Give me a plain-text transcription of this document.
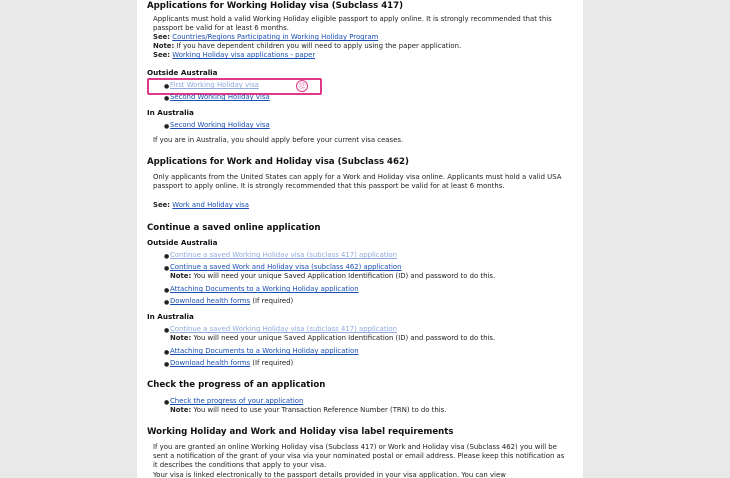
Applications for Working Holiday visa (Subclass 417)

Applicants must hold a valid Working Holiday eligible passport to apply online. It is strongly recommended that this passport be valid for at least 6 months.

See: Countries/Regions Participating in Working Holiday Program
Note: If you have dependent children you will need to apply using the paper application.
See: Working Holiday visa applications - paper
Outside Australia
⑫
● First Working Holiday visa
● Second Working Holiday visa
In Australia
● Second Working Holiday visa
If you are in Australia, you should apply before your current visa ceases.
Applications for Work and Holiday visa (Subclass 462)

Only applicants from the United States can apply for a Work and Holiday visa online. Applicants must hold a valid USA passport to apply online. It is strongly recommended that this passport be valid for at least 6 months.

See: Work and Holiday visa
Continue a saved online application
Outside Australia
● Continue a saved Working Holiday visa (subclass 417) application
● Continue a saved Work and Holiday visa (subclass 462) application
Note: You will need your unique Saved Application Identification (ID) and password to do this.
● Attaching Documents to a Working Holiday application
● Download health forms (If required)
In Australia
● Continue a saved Working Holiday visa (subclass 417) application
Note: You will need your unique Saved Application Identification (ID) and password to do this.
● Attaching Documents to a Working Holiday application
● Download health forms (If required)
Check the progress of an application
● Check the progress of your application
Note: You will need to use your Transaction Reference Number (TRN) to do this.
Working Holiday and Work and Holiday visa label requirements

If you are granted an online Working Holiday visa (Subclass 417) or Work and Holiday visa (Subclass 462) you will be sent a notification of the grant of your visa via your nominated postal or email address. Please keep this notification as it describes the conditions that apply to your visa.

Your visa is linked electronically to the passport details provided in your visa application. You can view
